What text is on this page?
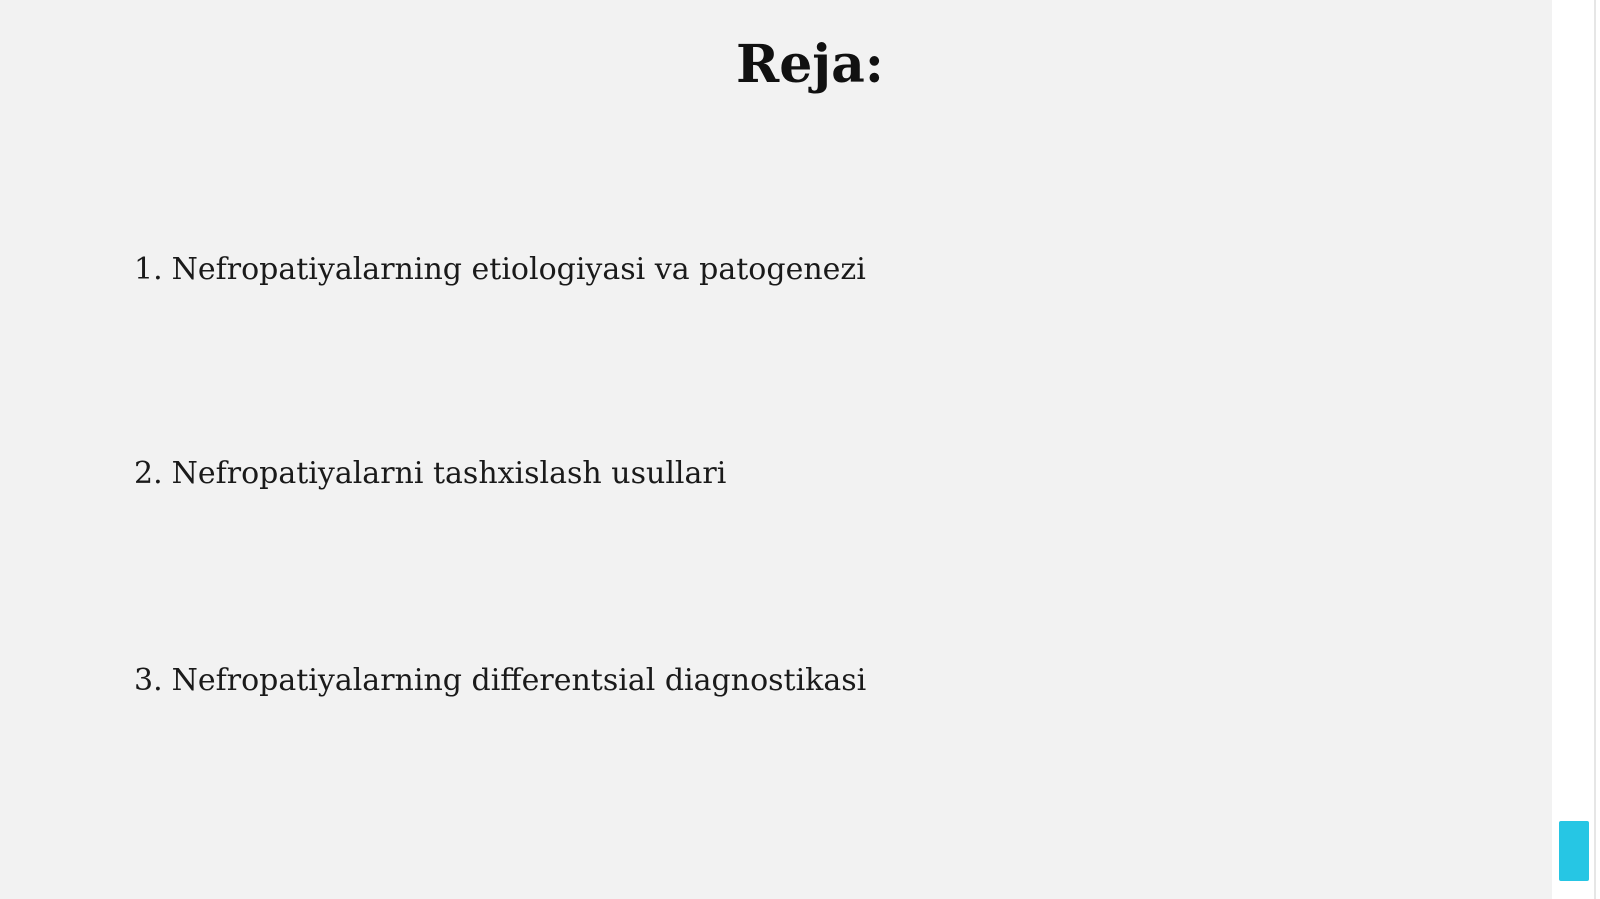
Reja:
1. Nefropatiyalarning etiologiyasi va patogenezi
2. Nefropatiyalarni tashxislash usullari
3. Nefropatiyalarning differentsial diagnostikasi
